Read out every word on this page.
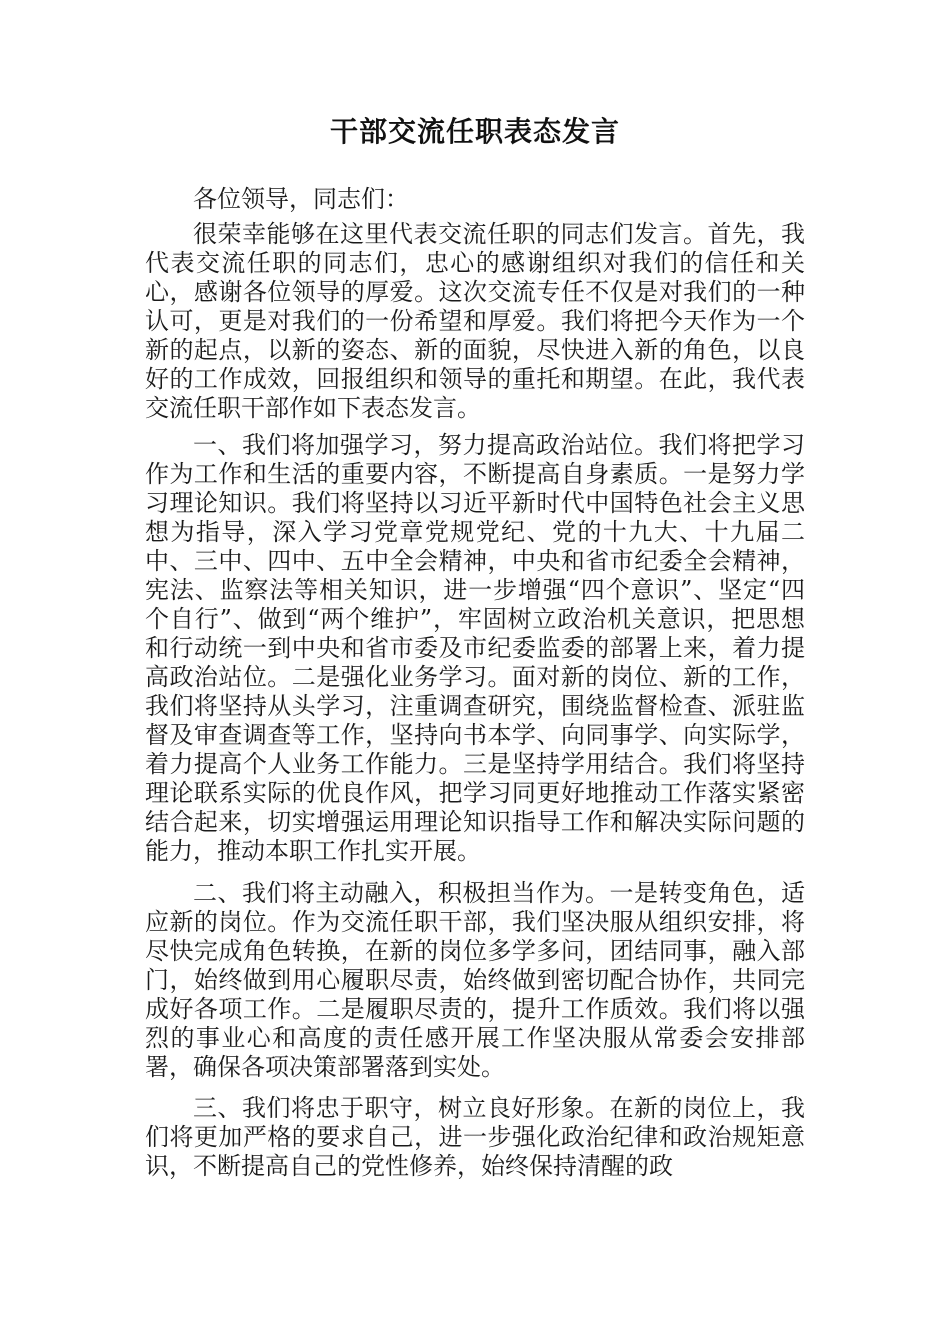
干部交流任职表态发言

各位领导，同志们：

很荣幸能够在这里代表交流任职的同志们发言。首先，我代表交流任职的同志们，忠心的感谢组织对我们的信任和关心，感谢各位领导的厚爱。这次交流专任不仅是对我们的一种认可，更是对我们的一份希望和厚爱。我们将把今天作为一个新的起点，以新的姿态、新的面貌，尽快进入新的角色，以良好的工作成效，回报组织和领导的重托和期望。在此，我代表交流任职干部作如下表态发言。

一、我们将加强学习，努力提高政治站位。我们将把学习作为工作和生活的重要内容，不断提高自身素质。一是努力学习理论知识。我们将坚持以习近平新时代中国特色社会主义思想为指导，深入学习党章党规党纪、党的十九大、十九届二中、三中、四中、五中全会精神，中央和省市纪委全会精神，宪法、监察法等相关知识，进一步增强“四个意识”、坚定“四个自行”、做到“两个维护”，牢固树立政治机关意识，把思想和行动统一到中央和省市委及市纪委监委的部署上来，着力提高政治站位。二是强化业务学习。面对新的岗位、新的工作，我们将坚持从头学习，注重调查研究，围绕监督检查、派驻监督及审查调查等工作，坚持向书本学、向同事学、向实际学，着力提高个人业务工作能力。三是坚持学用结合。我们将坚持理论联系实际的优良作风，把学习同更好地推动工作落实紧密结合起来，切实增强运用理论知识指导工作和解决实际问题的能力，推动本职工作扎实开展。

二、我们将主动融入，积极担当作为。一是转变角色，适应新的岗位。作为交流任职干部，我们坚决服从组织安排，将尽快完成角色转换，在新的岗位多学多问，团结同事，融入部门，始终做到用心履职尽责，始终做到密切配合协作，共同完成好各项工作。二是履职尽责的，提升工作质效。我们将以强烈的事业心和高度的责任感开展工作坚决服从常委会安排部署，确保各项决策部署落到实处。

三、我们将忠于职守，树立良好形象。在新的岗位上，我们将更加严格的要求自己，进一步强化政治纪律和政治规矩意识，不断提高自己的党性修养，始终保持清醒的政
